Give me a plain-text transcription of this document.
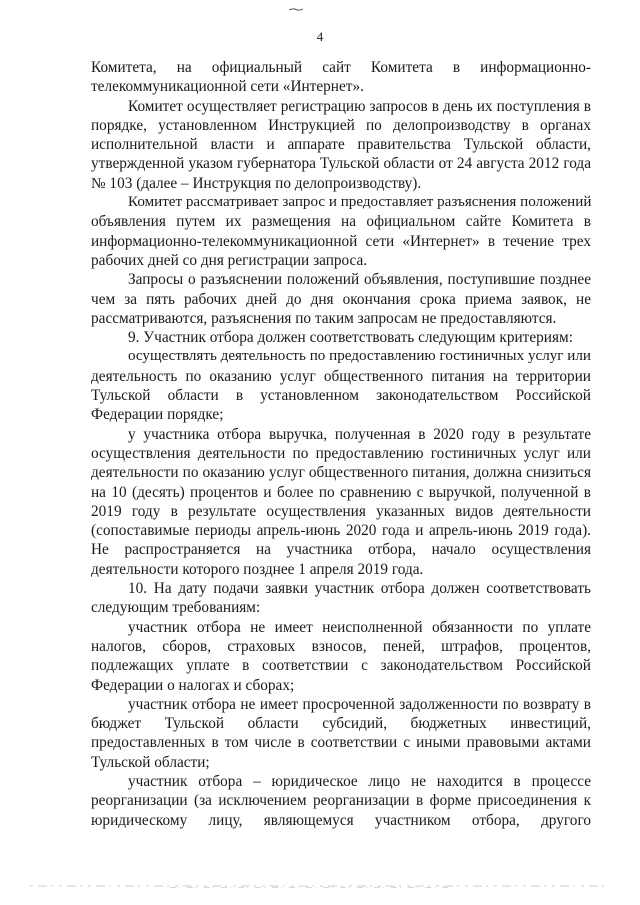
4
Комитета, на официальный сайт Комитета в информационно-
телекоммуникационной сети «Интернет».
Комитет осуществляет регистрацию запросов в день их поступления в
порядке, установленном Инструкцией по делопроизводству в органах
исполнительной власти и аппарате правительства Тульской области,
утвержденной указом губернатора Тульской области от 24 августа 2012 года
№ 103 (далее – Инструкция по делопроизводству).
Комитет рассматривает запрос и предоставляет разъяснения положений
объявления путем их размещения на официальном сайте Комитета в
информационно-телекоммуникационной сети «Интернет» в течение трех
рабочих дней со дня регистрации запроса.
Запросы о разъяснении положений объявления, поступившие позднее
чем за пять рабочих дней до дня окончания срока приема заявок, не
рассматриваются, разъяснения по таким запросам не предоставляются.
9. Участник отбора должен соответствовать следующим критериям:
осуществлять деятельность по предоставлению гостиничных услуг или
деятельность по оказанию услуг общественного питания на территории
Тульской области в установленном законодательством Российской
Федерации порядке;
у участника отбора выручка, полученная в 2020 году в результате
осуществления деятельности по предоставлению гостиничных услуг или
деятельности по оказанию услуг общественного питания, должна снизиться
на 10 (десять) процентов и более по сравнению с выручкой, полученной в
2019 году в результате осуществления указанных видов деятельности
(сопоставимые периоды апрель-июнь 2020 года и апрель-июнь 2019 года).
Не распространяется на участника отбора, начало осуществления
деятельности которого позднее 1 апреля 2019 года.
10. На дату подачи заявки участник отбора должен соответствовать
следующим требованиям:
участник отбора не имеет неисполненной обязанности по уплате
налогов, сборов, страховых взносов, пеней, штрафов, процентов,
подлежащих уплате в соответствии с законодательством Российской
Федерации о налогах и сборах;
участник отбора не имеет просроченной задолженности по возврату в
бюджет Тульской области субсидий, бюджетных инвестиций,
предоставленных в том числе в соответствии с иными правовыми актами
Тульской области;
участник отбора – юридическое лицо не находится в процессе
реорганизации (за исключением реорганизации в форме присоединения к
юридическому лицу, являющемуся участником отбора, другого
